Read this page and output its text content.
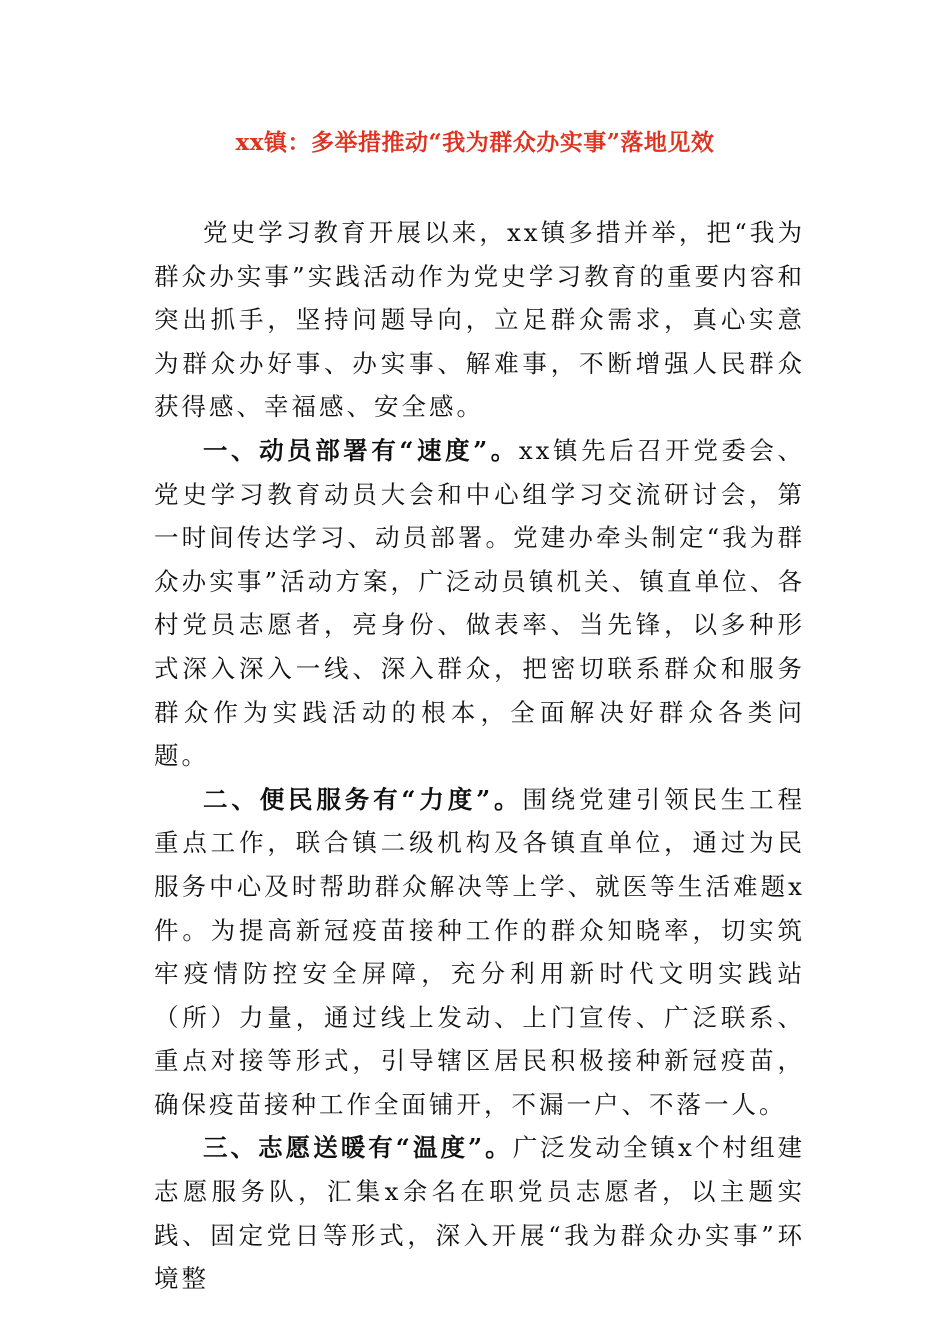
xx镇：多举措推动“我为群众办实事”落地见效

党史学习教育开展以来，xx镇多措并举，把“我为群众办实事”实践活动作为党史学习教育的重要内容和突出抓手，坚持问题导向，立足群众需求，真心实意为群众办好事、办实事、解难事，不断增强人民群众获得感、幸福感、安全感。

一、动员部署有“速度”。xx镇先后召开党委会、党史学习教育动员大会和中心组学习交流研讨会，第一时间传达学习、动员部署。党建办牵头制定“我为群众办实事”活动方案，广泛动员镇机关、镇直单位、各村党员志愿者，亮身份、做表率、当先锋，以多种形式深入深入一线、深入群众，把密切联系群众和服务群众作为实践活动的根本，全面解决好群众各类问题。

二、便民服务有“力度”。围绕党建引领民生工程重点工作，联合镇二级机构及各镇直单位，通过为民服务中心及时帮助群众解决等上学、就医等生活难题x件。为提高新冠疫苗接种工作的群众知晓率，切实筑牢疫情防控安全屏障，充分利用新时代文明实践站（所）力量，通过线上发动、上门宣传、广泛联系、重点对接等形式，引导辖区居民积极接种新冠疫苗，确保疫苗接种工作全面铺开，不漏一户、不落一人。

三、志愿送暖有“温度”。广泛发动全镇x个村组建志愿服务队，汇集x余名在职党员志愿者，以主题实践、固定党日等形式，深入开展“我为群众办实事”环境整
